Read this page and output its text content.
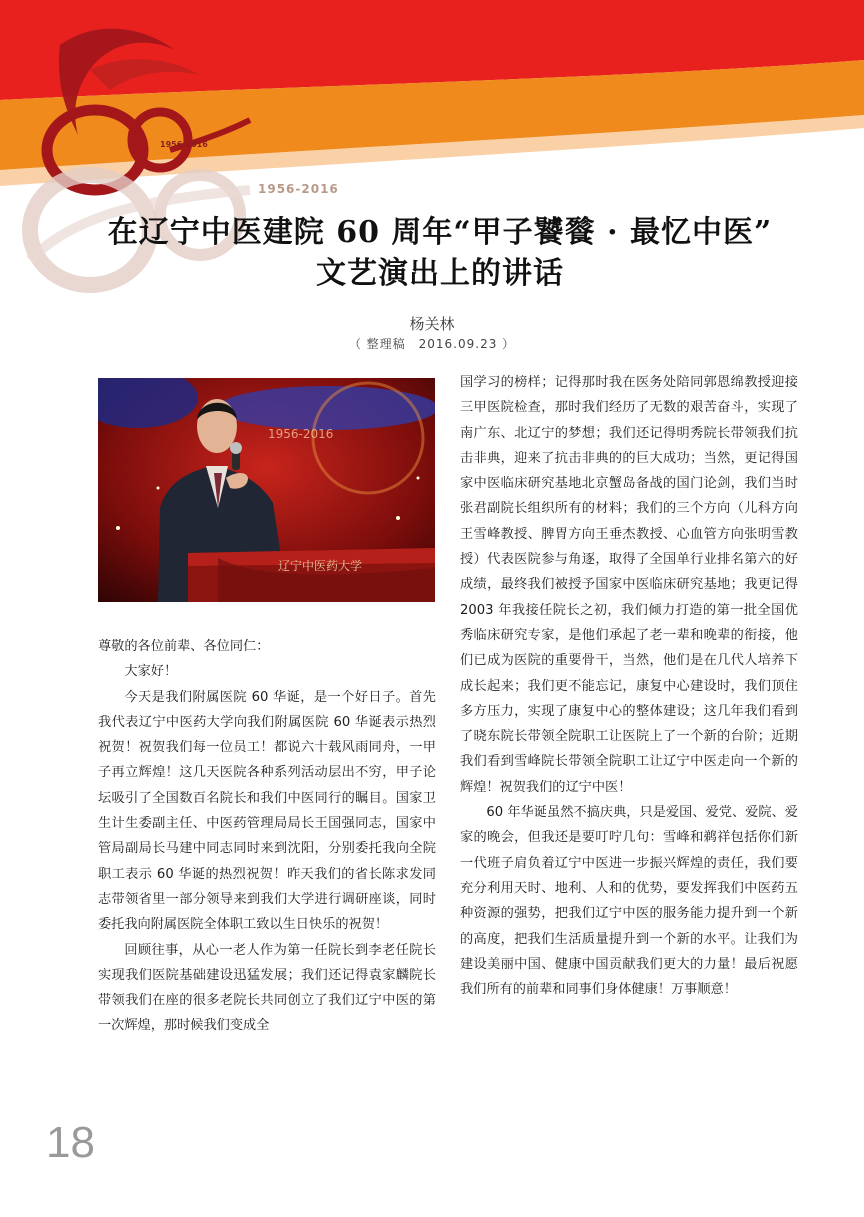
1956-2016
1956-2016
在辽宁中医建院 60 周年“甲子饕餮 · 最忆中医”
文艺演出上的讲话
杨关林
（ 整理稿　2016.09.23 ）
辽宁中医药大学
1956-2016

尊敬的各位前辈、各位同仁：

大家好！

今天是我们附属医院 60 华诞，是一个好日子。首先我代表辽宁中医药大学向我们附属医院 60 华诞表示热烈祝贺！祝贺我们每一位员工！都说六十载风雨同舟，一甲子再立辉煌！这几天医院各种系列活动层出不穷，甲子论坛吸引了全国数百名院长和我们中医同行的瞩目。国家卫生计生委副主任、中医药管理局局长王国强同志，国家中管局副局长马建中同志同时来到沈阳，分别委托我向全院职工表示 60 华诞的热烈祝贺！昨天我们的省长陈求发同志带领省里一部分领导来到我们大学进行调研座谈，同时委托我向附属医院全体职工致以生日快乐的祝贺！

回顾往事，从心一老人作为第一任院长到李老任院长实现我们医院基础建设迅猛发展；我们还记得袁家麟院长带领我们在座的很多老院长共同创立了我们辽宁中医的第一次辉煌，那时候我们变成全

国学习的榜样；记得那时我在医务处陪同郭恩绵教授迎接三甲医院检查，那时我们经历了无数的艰苦奋斗，实现了南广东、北辽宁的梦想；我们还记得明秀院长带领我们抗击非典，迎来了抗击非典的的巨大成功；当然，更记得国家中医临床研究基地北京蟹岛备战的国门论剑，我们当时张君副院长组织所有的材料；我们的三个方向（儿科方向王雪峰教授、脾胃方向王垂杰教授、心血管方向张明雪教授）代表医院参与角逐，取得了全国单行业排名第六的好成绩，最终我们被授予国家中医临床研究基地；我更记得 2003 年我接任院长之初，我们倾力打造的第一批全国优秀临床研究专家，是他们承起了老一辈和晚辈的衔接，他们已成为医院的重要骨干，当然，他们是在几代人培养下成长起来；我们更不能忘记，康复中心建设时，我们顶住多方压力，实现了康复中心的整体建设；这几年我们看到了晓东院长带领全院职工让医院上了一个新的台阶；近期我们看到雪峰院长带领全院职工让辽宁中医走向一个新的辉煌！祝贺我们的辽宁中医！

60 年华诞虽然不搞庆典，只是爱国、爱党、爱院、爱家的晚会，但我还是要叮咛几句：雪峰和鹈祥包括你们新一代班子肩负着辽宁中医进一步振兴辉煌的责任，我们要充分利用天时、地利、人和的优势，要发挥我们中医药五种资源的强势，把我们辽宁中医的服务能力提升到一个新的高度，把我们生活质量提升到一个新的水平。让我们为建设美丽中国、健康中国贡献我们更大的力量！最后祝愿我们所有的前辈和同事们身体健康！万事顺意！

18
